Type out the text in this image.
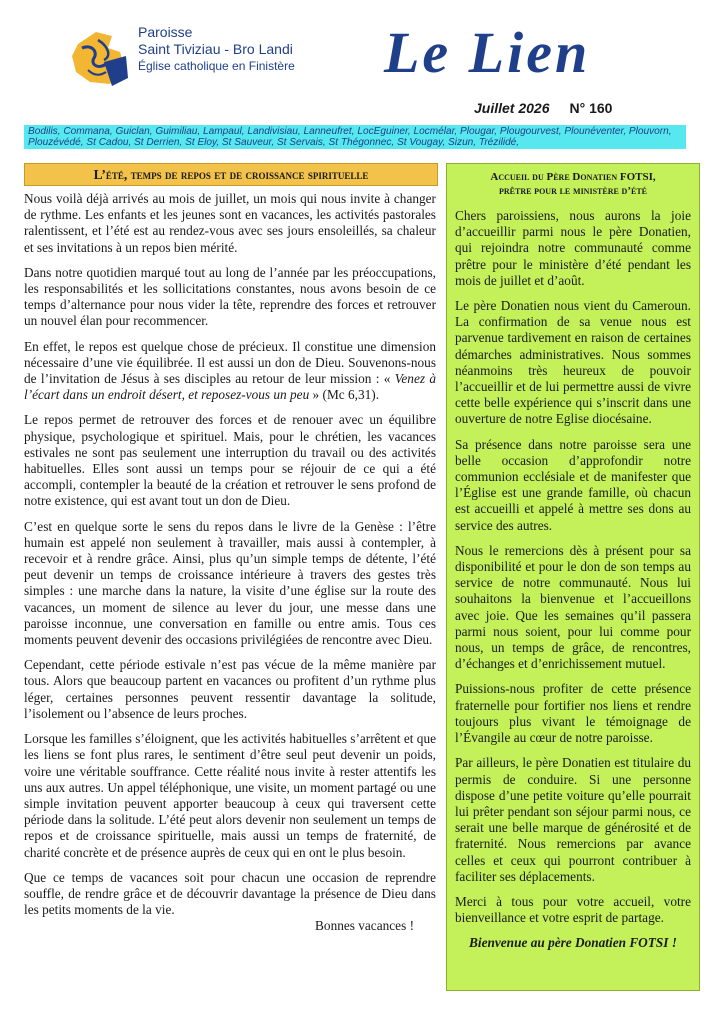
Paroisse
Saint Tiviziau - Bro Landi
Église catholique en Finistère Le Lien
Juillet 2026 N° 160
Bodilis, Commana, Guiclan, Guimiliau, Lampaul, Landivisiau, Lanneufret, LocEguiner, Locmélar, Plougar, Plougourvest, Plounéventer, Plouvorn, Plouzévédé, St Cadou, St Derrien, St Eloy, St Sauveur, St Servais, St Thégonnec, St Vougay, Sizun, Trézilidé,
L’été, temps de repos et de croissance spirituelle

Nous voilà déjà arrivés au mois de juillet, un mois qui nous invite à changer de rythme. Les enfants et les jeunes sont en vacances, les activités pastorales ralentissent, et l’été est au rendez-vous avec ses jours ensoleillés, sa chaleur et ses invitations à un repos bien mérité.

Dans notre quotidien marqué tout au long de l’année par les préoccupations, les responsabilités et les sollicitations constantes, nous avons besoin de ce temps d’alternance pour nous vider la tête, reprendre des forces et retrouver un nouvel élan pour recommencer.

En effet, le repos est quelque chose de précieux. Il constitue une dimension nécessaire d’une vie équilibrée. Il est aussi un don de Dieu. Souvenons-nous de l’invitation de Jésus à ses disciples au retour de leur mission : « Venez à l’écart dans un endroit désert, et reposez-vous un peu » (Mc 6,31).

Le repos permet de retrouver des forces et de renouer avec un équilibre physique, psychologique et spirituel. Mais, pour le chrétien, les vacances estivales ne sont pas seulement une interruption du travail ou des activités habituelles. Elles sont aussi un temps pour se réjouir de ce qui a été accompli, contempler la beauté de la création et retrouver le sens profond de notre existence, qui est avant tout un don de Dieu.

C’est en quelque sorte le sens du repos dans le livre de la Genèse : l’être humain est appelé non seulement à travailler, mais aussi à contempler, à recevoir et à rendre grâce. Ainsi, plus qu’un simple temps de détente, l’été peut devenir un temps de croissance intérieure à travers des gestes très simples : une marche dans la nature, la visite d’une église sur la route des vacances, un moment de silence au lever du jour, une messe dans une paroisse inconnue, une conversation en famille ou entre amis. Tous ces moments peuvent devenir des occasions privilégiées de rencontre avec Dieu.

Cependant, cette période estivale n’est pas vécue de la même manière par tous. Alors que beaucoup partent en vacances ou profitent d’un rythme plus léger, certaines personnes peuvent ressentir davantage la solitude, l’isolement ou l’absence de leurs proches.

Lorsque les familles s’éloignent, que les activités habituelles s’arrêtent et que les liens se font plus rares, le sentiment d’être seul peut devenir un poids, voire une véritable souffrance. Cette réalité nous invite à rester attentifs les uns aux autres. Un appel téléphonique, une visite, un moment partagé ou une simple invitation peuvent apporter beaucoup à ceux qui traversent cette période dans la solitude. L’été peut alors devenir non seulement un temps de repos et de croissance spirituelle, mais aussi un temps de fraternité, de charité concrète et de présence auprès de ceux qui en ont le plus besoin.

Que ce temps de vacances soit pour chacun une occasion de reprendre souffle, de rendre grâce et de découvrir davantage la présence de Dieu dans les petits moments de la vie.

Bonnes vacances !
Accueil du Père Donatien FOTSI,
prêtre pour le ministère d’été

Chers paroissiens, nous aurons la joie d’accueillir parmi nous le père Donatien, qui rejoindra notre communauté comme prêtre pour le ministère d’été pendant les mois de juillet et d’août.

Le père Donatien nous vient du Cameroun. La confirmation de sa venue nous est parvenue tardivement en raison de certaines démarches administratives. Nous sommes néanmoins très heureux de pouvoir l’accueillir et de lui permettre aussi de vivre cette belle expérience qui s’inscrit dans une ouverture de notre Eglise diocésaine.

Sa présence dans notre paroisse sera une belle occasion d’approfondir notre communion ecclésiale et de manifester que l’Église est une grande famille, où chacun est accueilli et appelé à mettre ses dons au service des autres.

Nous le remercions dès à présent pour sa disponibilité et pour le don de son temps au service de notre communauté. Nous lui souhaitons la bienvenue et l’accueillons avec joie. Que les semaines qu’il passera parmi nous soient, pour lui comme pour nous, un temps de grâce, de rencontres, d’échanges et d’enrichissement mutuel.

Puissions-nous profiter de cette présence fraternelle pour fortifier nos liens et rendre toujours plus vivant le témoignage de l’Évangile au cœur de notre paroisse.

Par ailleurs, le père Donatien est titulaire du permis de conduire. Si une personne dispose d’une petite voiture qu’elle pourrait lui prêter pendant son séjour parmi nous, ce serait une belle marque de générosité et de fraternité. Nous remercions par avance celles et ceux qui pourront contribuer à faciliter ses déplacements.

Merci à tous pour votre accueil, votre bienveillance et votre esprit de partage.

Bienvenue au père Donatien FOTSI !
